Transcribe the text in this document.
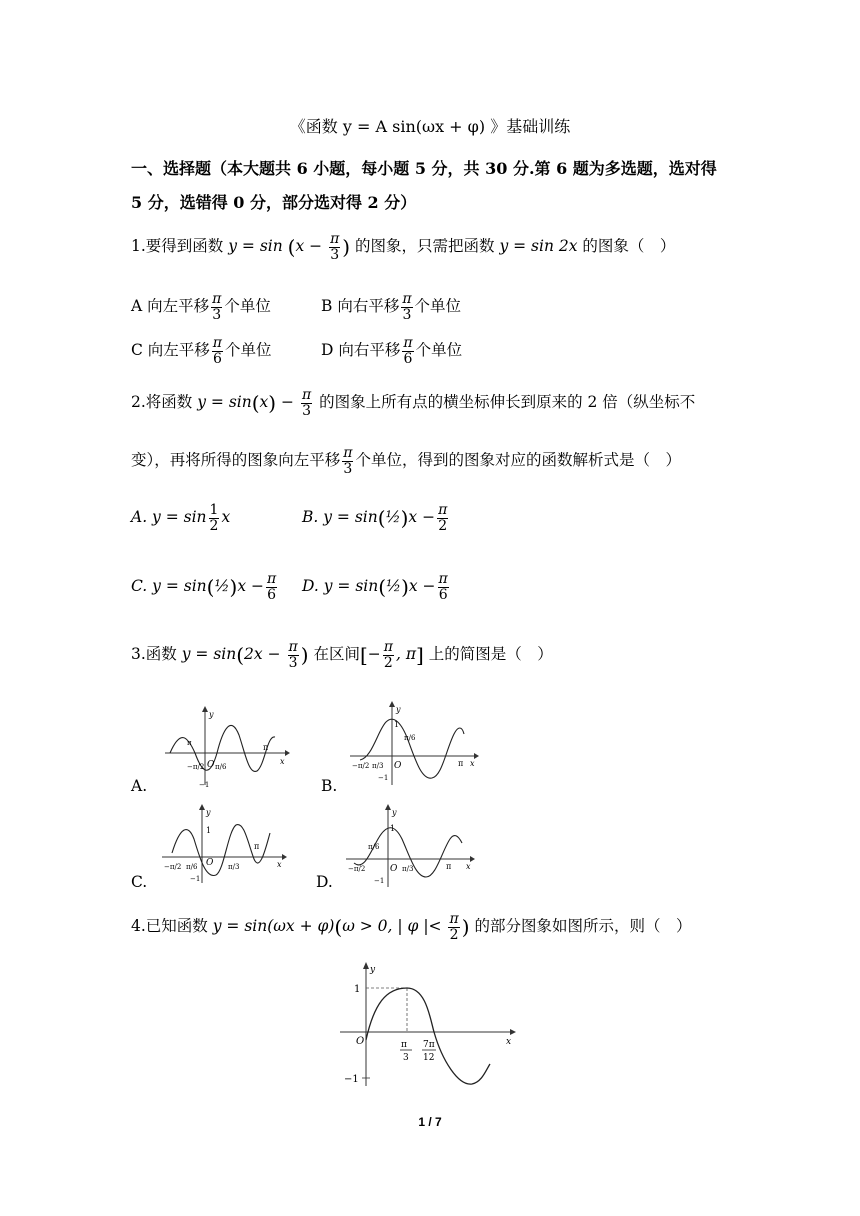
《函数 y = A sin(ωx + φ) 》基础训练
一、选择题（本大题共 6 小题，每小题 5 分，共 30 分.第 6 题为多选题，选对得
5 分，选错得 0 分，部分选对得 2 分）
1.要得到函数 $y = \sin (x - \frac{\pi}{3}$ ) 的图象，只需把函数 y = sin 2x 的图象（　）
A 向左平移 $\frac{\pi}{3}$ 个单位	B 向右平移 $\frac{\pi}{3}$ 个单位
C 向左平移 $\frac{\pi}{6}$ 个单位	D 向右平移 $\frac{\pi}{6}$ 个单位
2.将函数 $y = \sin(x) - \frac{\pi}{3}$ 的图象上所有点的横坐标伸长到原来的 2 倍（纵坐标不
变），再将所得的图象向左平移 $\frac{\pi}{3}$ 个单位，得到的图象对应的函数解析式是（　）
A. $y = \sin \frac{1}{2}$ x	B. y = sin(½)x − $\frac{\pi}{2}$
C. y = sin(½)x − $\frac{\pi}{6} D$. y = sin(½)x − $\frac{\pi}{6}$
3.函数 $y = \sin(2x - \frac{\pi}{3}$ ) 在区间[− $\frac{\pi}{2}$ , π] 上的简图是（　）
A.
O
y
x
π
π
−π/2 π/6
−1	B.
O
y
x
1
π
−π/2 π/3
π/6
−1
C.
O
y
x
1
π
−π/2 π/6	π/3
−1	D.
O
y
x
1
π
−π/2
π/6
π/3
−1
4.已知函数 y = sin(ωx + φ)(ω > 0, | φ |< $\frac{\pi}{2}$ ) 的部分图象如图所示，则（　）
O
y
x
1
−1
π
3
7π
12
1 / 7
